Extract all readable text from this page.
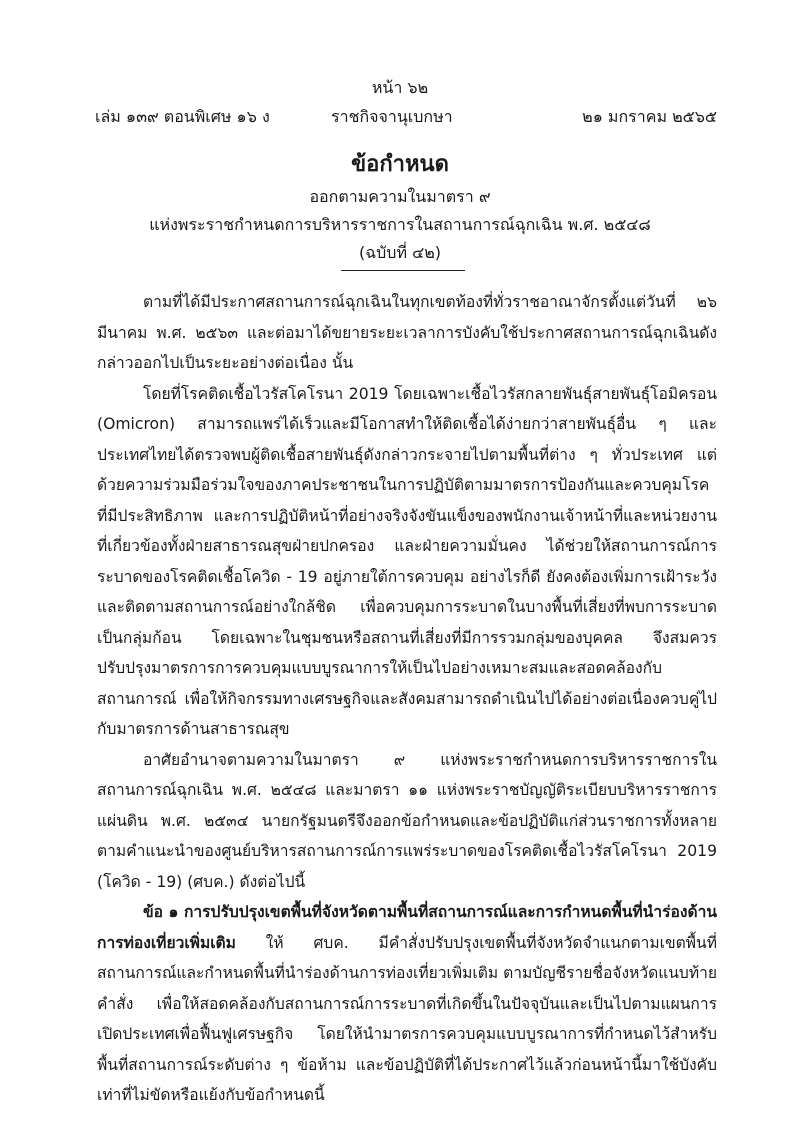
หน้า ๖๒
เล่ม ๑๓๙ ตอนพิเศษ ๑๖ ง	ราชกิจจานุเบกษา	๒๑ มกราคม ๒๕๖๕
ข้อกำหนด
ออกตามความในมาตรา ๙
แห่งพระราชกำหนดการบริหารราชการในสถานการณ์ฉุกเฉิน พ.ศ. ๒๕๔๘
(ฉบับที่ ๔๒)

ตามที่ได้มีประกาศสถานการณ์ฉุกเฉินในทุกเขตท้องที่ทั่วราชอาณาจักรตั้งแต่วันที่ ๒๖ มีนาคม พ.ศ. ๒๕๖๓ และต่อมาได้ขยายระยะเวลาการบังคับใช้ประกาศสถานการณ์ฉุกเฉินดังกล่าวออกไปเป็นระยะอย่างต่อเนื่อง นั้น

โดยที่โรคติดเชื้อไวรัสโคโรนา 2019 โดยเฉพาะเชื้อไวรัสกลายพันธุ์สายพันธุ์โอมิครอน (Omicron) สามารถแพร่ได้เร็วและมีโอกาสทำให้ติดเชื้อได้ง่ายกว่าสายพันธุ์อื่น ๆ และประเทศไทยได้ตรวจพบผู้ติดเชื้อสายพันธุ์ดังกล่าวกระจายไปตามพื้นที่ต่าง ๆ ทั่วประเทศ แต่ด้วยความร่วมมือร่วมใจของภาคประชาชนในการปฏิบัติตามมาตรการป้องกันและควบคุมโรคที่มีประสิทธิภาพ และการปฏิบัติหน้าที่อย่างจริงจังขันแข็งของพนักงานเจ้าหน้าที่และหน่วยงานที่เกี่ยวข้องทั้งฝ่ายสาธารณสุขฝ่ายปกครอง และฝ่ายความมั่นคง ได้ช่วยให้สถานการณ์การระบาดของโรคติดเชื้อโควิด - 19 อยู่ภายใต้การควบคุม อย่างไรก็ดี ยังคงต้องเพิ่มการเฝ้าระวังและติดตามสถานการณ์อย่างใกล้ชิด เพื่อควบคุมการระบาดในบางพื้นที่เสี่ยงที่พบการระบาดเป็นกลุ่มก้อน โดยเฉพาะในชุมชนหรือสถานที่เสี่ยงที่มีการรวมกลุ่มของบุคคล จึงสมควรปรับปรุงมาตรการการควบคุมแบบบูรณาการให้เป็นไปอย่างเหมาะสมและสอดคล้องกับสถานการณ์ เพื่อให้กิจกรรมทางเศรษฐกิจและสังคมสามารถดำเนินไปได้อย่างต่อเนื่องควบคู่ไปกับมาตรการด้านสาธารณสุข

อาศัยอำนาจตามความในมาตรา ๙ แห่งพระราชกำหนดการบริหารราชการในสถานการณ์ฉุกเฉิน พ.ศ. ๒๕๔๘ และมาตรา ๑๑ แห่งพระราชบัญญัติระเบียบบริหารราชการแผ่นดิน พ.ศ. ๒๕๓๔ นายกรัฐมนตรีจึงออกข้อกำหนดและข้อปฏิบัติแก่ส่วนราชการทั้งหลายตามคำแนะนำของศูนย์บริหารสถานการณ์การแพร่ระบาดของโรคติดเชื้อไวรัสโคโรนา 2019 (โควิด - 19) (ศบค.) ดังต่อไปนี้

ข้อ ๑ การปรับปรุงเขตพื้นที่จังหวัดตามพื้นที่สถานการณ์และการกำหนดพื้นที่นำร่องด้านการท่องเที่ยวเพิ่มเติม ให้ ศบค. มีคำสั่งปรับปรุงเขตพื้นที่จังหวัดจำแนกตามเขตพื้นที่สถานการณ์และกำหนดพื้นที่นำร่องด้านการท่องเที่ยวเพิ่มเติม ตามบัญชีรายชื่อจังหวัดแนบท้ายคำสั่ง เพื่อให้สอดคล้องกับสถานการณ์การระบาดที่เกิดขึ้นในปัจจุบันและเป็นไปตามแผนการเปิดประเทศเพื่อฟื้นฟูเศรษฐกิจ โดยให้นำมาตรการควบคุมแบบบูรณาการที่กำหนดไว้สำหรับพื้นที่สถานการณ์ระดับต่าง ๆ ข้อห้าม และข้อปฏิบัติที่ได้ประกาศไว้แล้วก่อนหน้านี้มาใช้บังคับ เท่าที่ไม่ขัดหรือแย้งกับข้อกำหนดนี้
